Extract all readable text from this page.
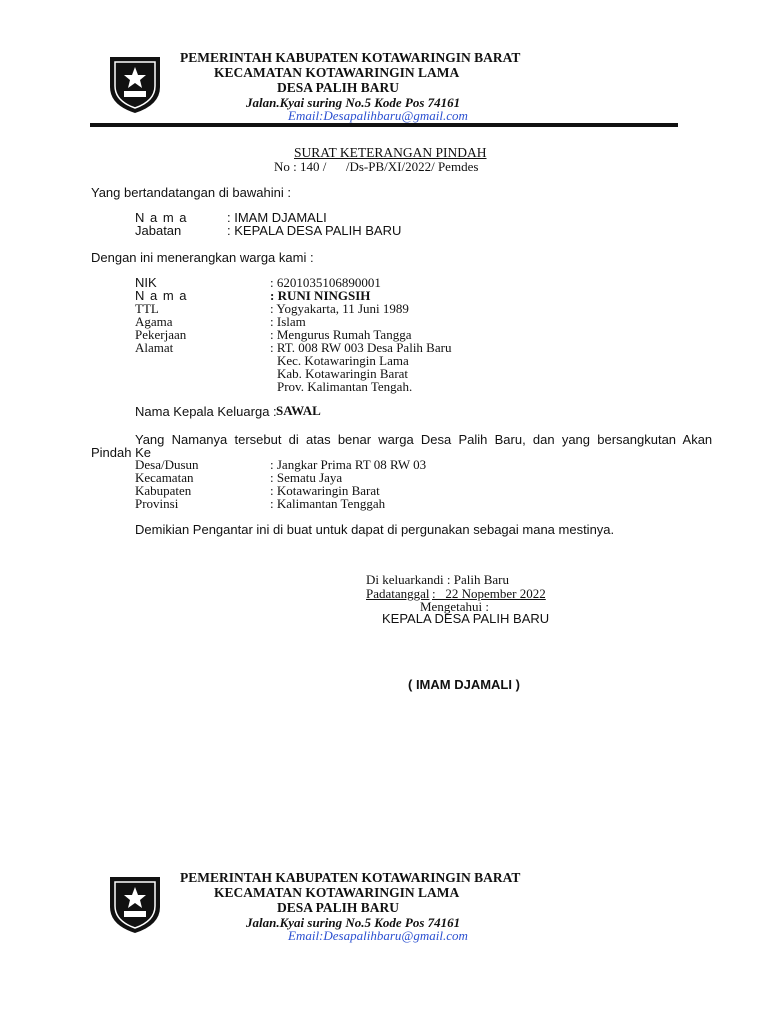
PEMERINTAH KABUPATEN KOTAWARINGIN BARAT
KECAMATAN KOTAWARINGIN LAMA
DESA PALIH BARU
Jalan.Kyai suring No.5 Kode Pos 74161
Email:Desapalihbaru@gmail.com
SURAT KETERANGAN PINDAH
No : 140 /      /Ds-PB/XI/2022/ Pemdes
Yang bertandatangan di bawahini :
N a m a	: IMAM DJAMALI
Jabatan	: KEPALA DESA PALIH BARU
Dengan ini menerangkan warga kami :
NIK	: 6201035106890001
N a m a	: RUNI NINGSIH
TTL	: Yogyakarta, 11 Juni 1989
Agama	: Islam
Pekerjaan	: Mengurus Rumah Tangga
Alamat	: RT. 008 RW 003 Desa Palih Baru
Kec. Kotawaringin Lama
Kab. Kotawaringin Barat
Prov. Kalimantan Tengah.
Nama Kepala Keluarga : SAWAL
Yang  Namanya  tersebut  di  atas  benar  warga  Desa  Palih  Baru,  dan  yang  bersangkutan  Akan
Pindah Ke
Desa/Dusun	: Jangkar Prima RT 08 RW 03
Kecamatan	: Sematu Jaya
Kabupaten	: Kotawaringin Barat
Provinsi	: Kalimantan Tenggah
Demikian Pengantar ini di buat untuk dapat di pergunakan sebagai mana mestinya.
Di keluarkandi : Palih Baru
Padatanggal :   22 Nopember 2022
Mengetahui :
KEPALA DESA PALIH BARU
( IMAM DJAMALI )
PEMERINTAH KABUPATEN KOTAWARINGIN BARAT
KECAMATAN KOTAWARINGIN LAMA
DESA PALIH BARU
Jalan.Kyai suring No.5 Kode Pos 74161
Email:Desapalihbaru@gmail.com
